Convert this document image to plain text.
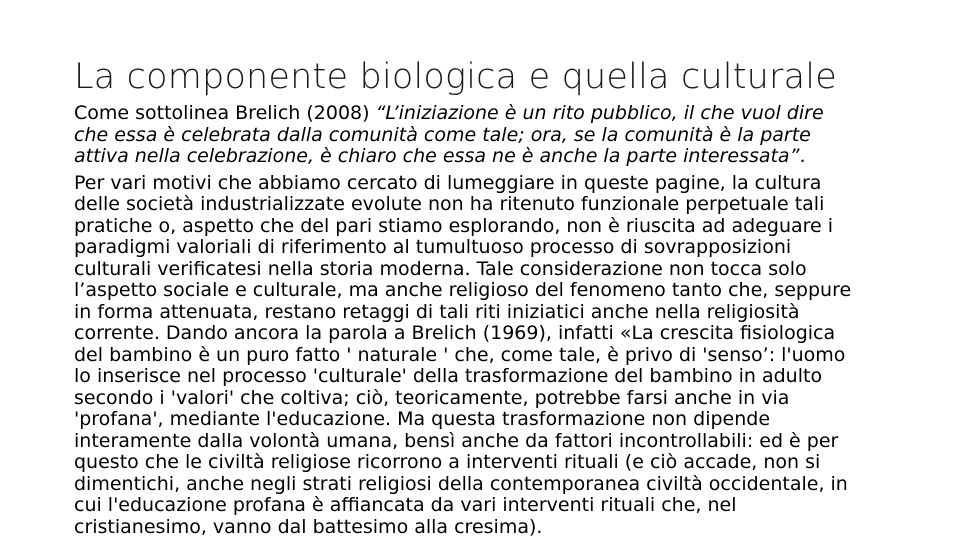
La componente biologica e quella culturale

Come sottolinea Brelich (2008) “L’iniziazione è un rito pubblico, il che vuol dire
che essa è celebrata dalla comunità come tale; ora, se la comunità è la parte
attiva nella celebrazione, è chiaro che essa ne è anche la parte interessata”.

Per vari motivi che abbiamo cercato di lumeggiare in queste pagine, la cultura
delle società industrializzate evolute non ha ritenuto funzionale perpetuale tali
pratiche o, aspetto che del pari stiamo esplorando, non è riuscita ad adeguare i
paradigmi valoriali di riferimento al tumultuoso processo di sovrapposizioni
culturali verificatesi nella storia moderna. Tale considerazione non tocca solo
l’aspetto sociale e culturale, ma anche religioso del fenomeno tanto che, seppure
in forma attenuata, restano retaggi di tali riti iniziatici anche nella religiosità
corrente. Dando ancora la parola a Brelich (1969), infatti «La crescita fisiologica
del bambino è un puro fatto ' naturale ' che, come tale, è privo di 'senso’: l'uomo
lo inserisce nel processo 'culturale' della trasformazione del bambino in adulto
secondo i 'valori' che coltiva; ciò, teoricamente, potrebbe farsi anche in via
'profana', mediante l'educazione. Ma questa trasformazione non dipende
interamente dalla volontà umana, bensì anche da fattori incontrollabili: ed è per
questo che le civiltà religiose ricorrono a interventi rituali (e ciò accade, non si
dimentichi, anche negli strati religiosi della contemporanea civiltà occidentale, in
cui l'educazione profana è affiancata da vari interventi rituali che, nel
cristianesimo, vanno dal battesimo alla cresima).
